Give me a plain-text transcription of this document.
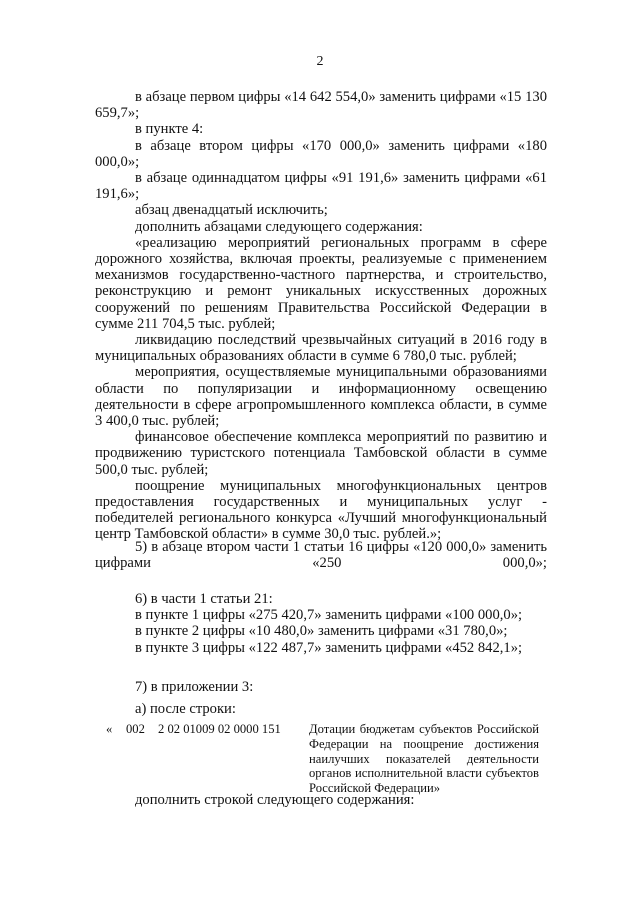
2

в абзаце первом цифры «14 642 554,0» заменить цифрами «15 130 659,7»;

в пункте 4:

в абзаце втором цифры «170 000,0» заменить цифрами «180 000,0»;

в абзаце одиннадцатом цифры «91 191,6» заменить цифрами «61 191,6»;

абзац двенадцатый исключить;

дополнить абзацами следующего содержания:

«реализацию мероприятий региональных программ в сфере дорожного хозяйства, включая проекты, реализуемые с применением механизмов государственно-частного партнерства, и строительство, реконструкцию и ремонт уникальных искусственных дорожных сооружений по решениям Правительства Российской Федерации в сумме 211 704,5 тыс. рублей;

ликвидацию последствий чрезвычайных ситуаций в 2016 году в муниципальных образованиях области в сумме 6 780,0 тыс. рублей;

мероприятия, осуществляемые муниципальными образованиями области по популяризации и информационному освещению деятельности в сфере агропромышленного комплекса области, в сумме 3 400,0 тыс. рублей;

финансовое обеспечение комплекса мероприятий по развитию и продвижению туристского потенциала Тамбовской области в сумме 500,0 тыс. рублей;

поощрение муниципальных многофункциональных центров предоставления государственных и муниципальных услуг - победителей регионального конкурса «Лучший многофункциональный центр Тамбовской области» в сумме 30,0 тыс. рублей.»;

5) в абзаце втором части 1 статьи 16 цифры «120 000,0» заменить цифрами «250 000,0»;

6) в части 1 статьи 21:

в пункте 1 цифры «275 420,7» заменить цифрами «100 000,0»;

в пункте 2 цифры «10 480,0» заменить цифрами «31 780,0»;

в пункте 3 цифры «122 487,7» заменить цифрами «452 842,1»;

7) в приложении 3:

а) после строки:

« 002 2 02 01009 02 0000 151 Дотации бюджетам субъектов Российской Федерации на поощрение достижения наилучших показателей деятельности органов исполнительной власти субъектов Российской Федерации»

дополнить строкой следующего содержания:
